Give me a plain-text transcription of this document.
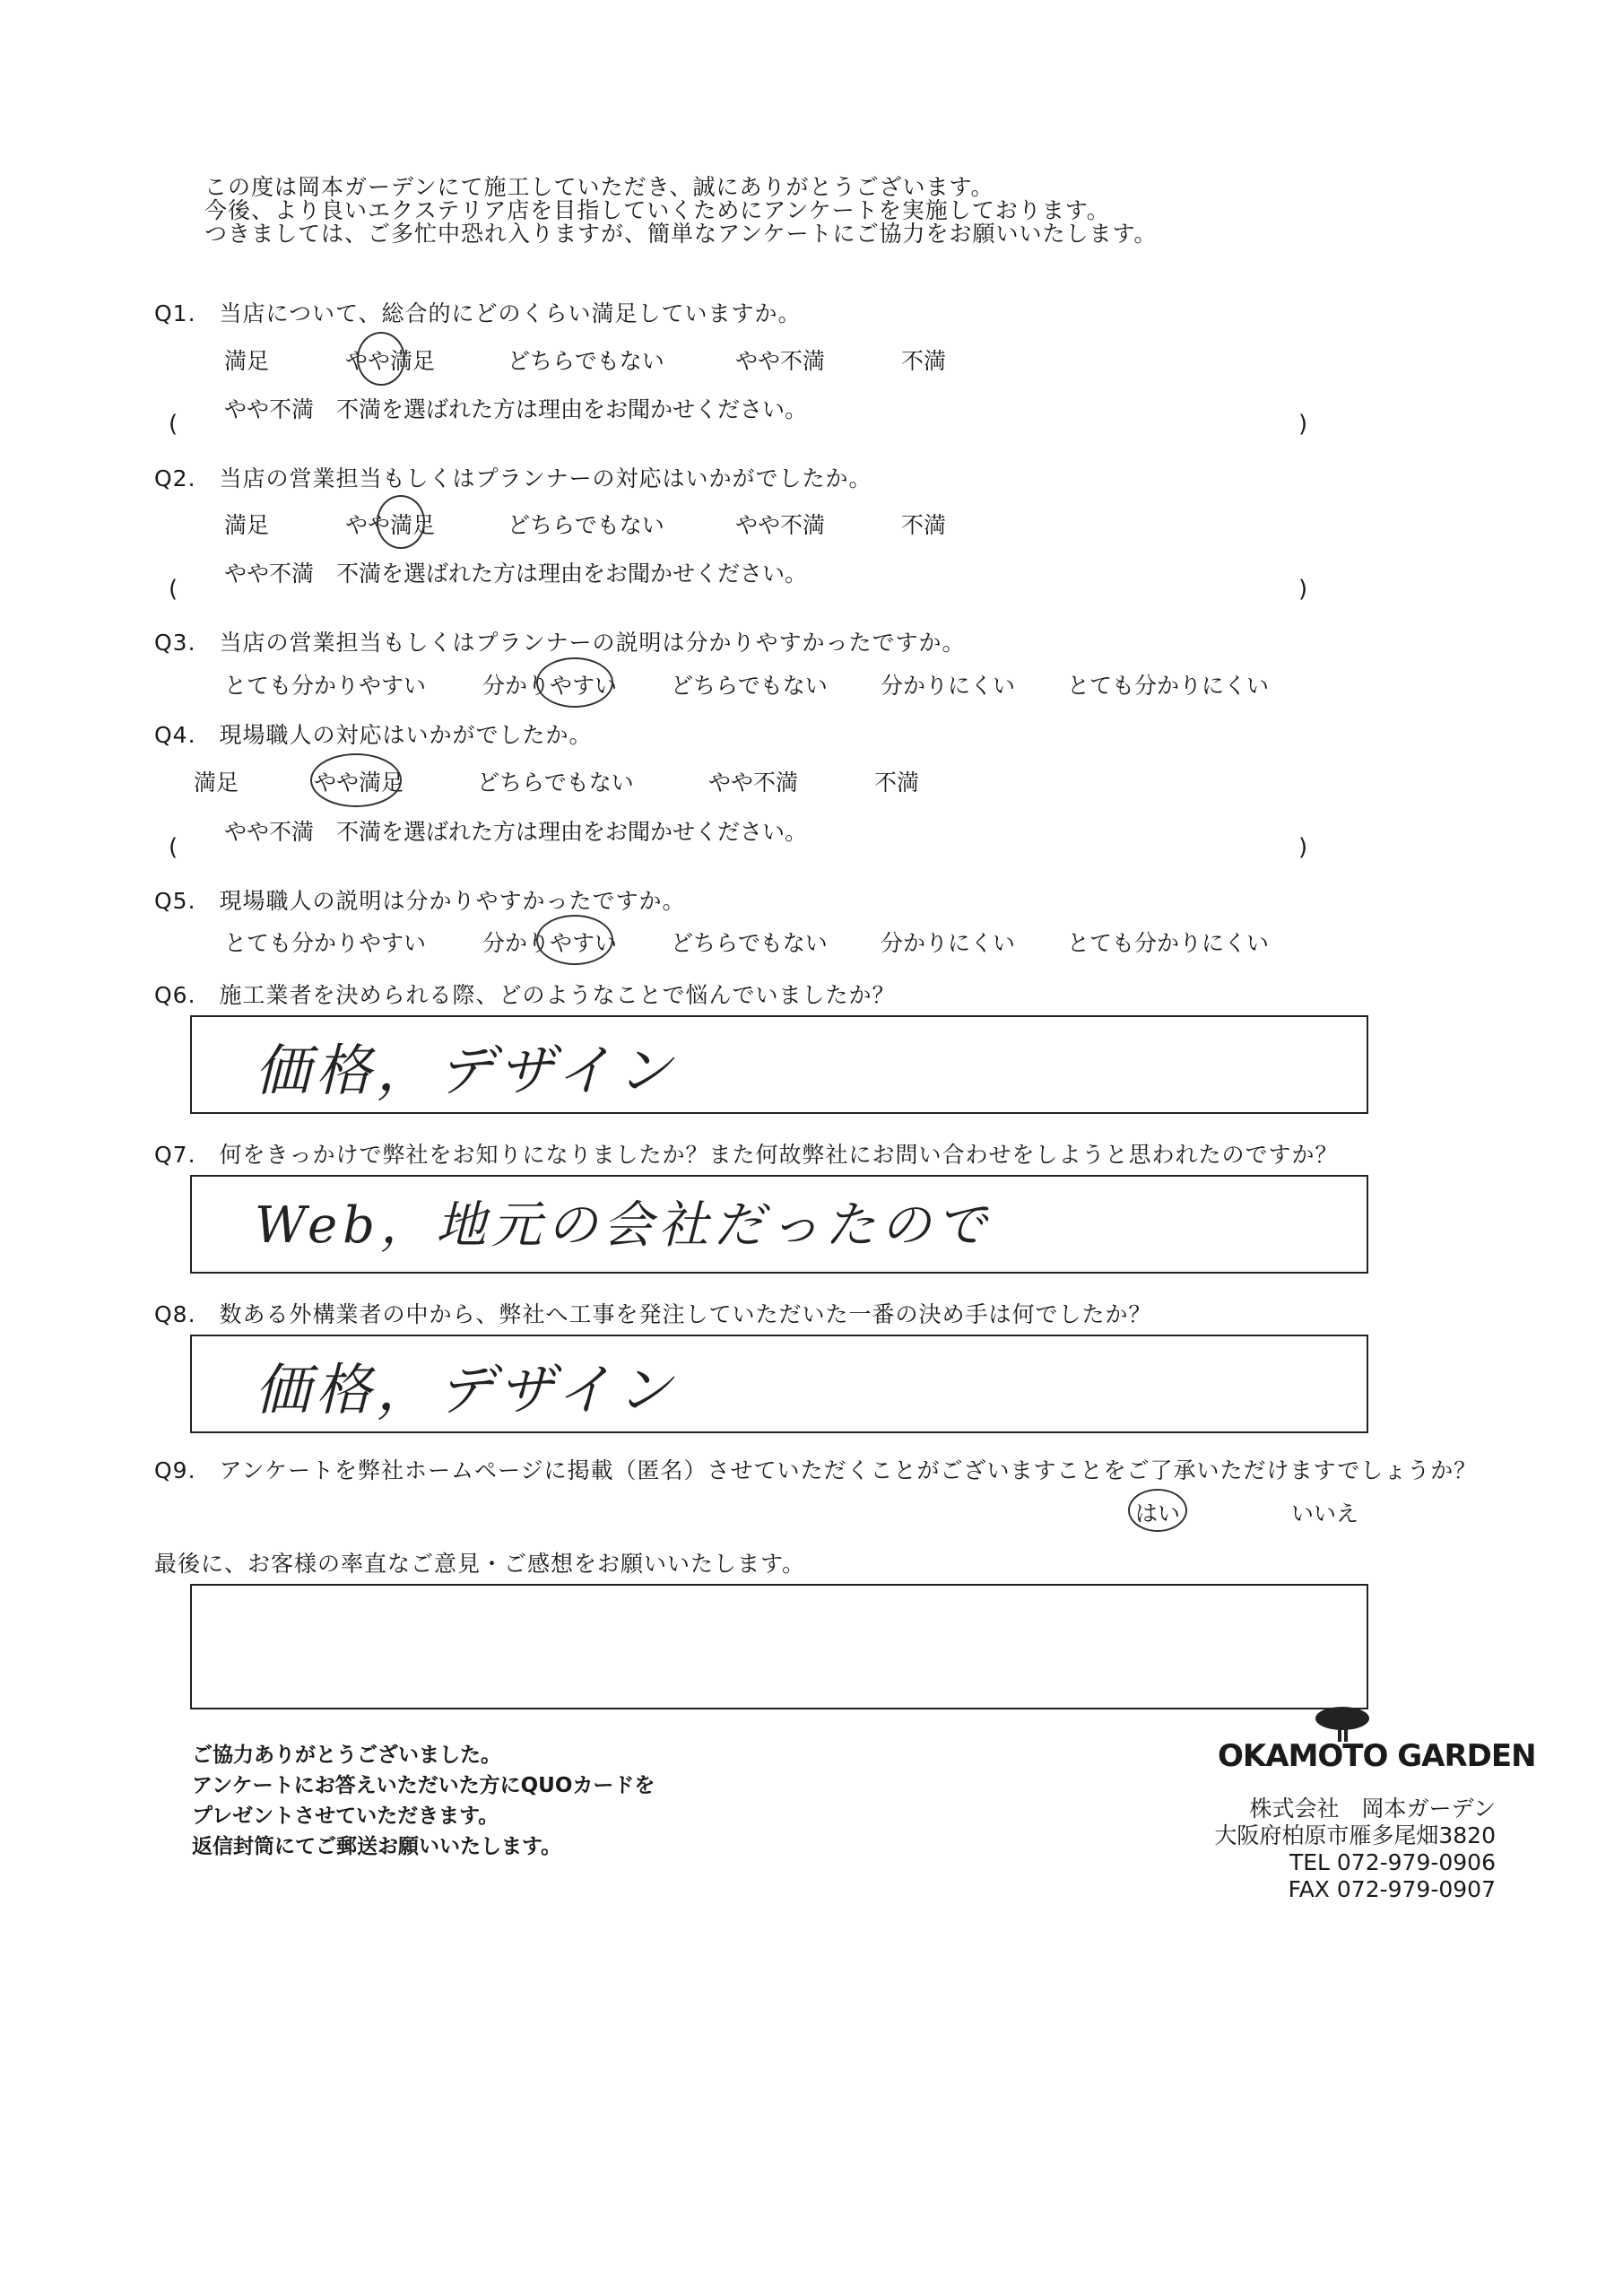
この度は岡本ガーデンにて施工していただき、誠にありがとうございます。
今後、より良いエクステリア店を目指していくためにアンケートを実施しております。
つきましては、ご多忙中恐れ入りますが、簡単なアンケートにご協力をお願いいたします。
Q1.　当店について、総合的にどのくらい満足していますか。
満足	やや満足	どちらでもない	やや不満	不満
やや不満　不満を選ばれた方は理由をお聞かせください。
(	)
Q2.　当店の営業担当もしくはプランナーの対応はいかがでしたか。
満足	やや満足	どちらでもない	やや不満	不満
やや不満　不満を選ばれた方は理由をお聞かせください。
(	)
Q3.　当店の営業担当もしくはプランナーの説明は分かりやすかったですか。
とても分かりやすい	分かりやすい どちらでもない 分かりにくい とても分かりにくい
Q4.　現場職人の対応はいかがでしたか。
満足	やや満足	どちらでもない	やや不満	不満
やや不満　不満を選ばれた方は理由をお聞かせください。
(	)
Q5.　現場職人の説明は分かりやすかったですか。
とても分かりやすい	分かりやすい どちらでもない 分かりにくい とても分かりにくい
Q6.　施工業者を決められる際、どのようなことで悩んでいましたか？
価格，デザイン
Q7.　何をきっかけで弊社をお知りになりましたか？また何故弊社にお問い合わせをしようと思われたのですか？
Web，地元の会社だったので
Q8.　数ある外構業者の中から、弊社へ工事を発注していただいた一番の決め手は何でしたか？
価格，デザイン
Q9.　アンケートを弊社ホームページに掲載（匿名）させていただくことがございますことをご了承いただけますでしょうか？
はい	いいえ
最後に、お客様の率直なご意見・ご感想をお願いいたします。
ご協力ありがとうございました。
アンケートにお答えいただいた方にQUOカードを
プレゼントさせていただきます。
返信封筒にてご郵送お願いいたします。
OKAMOTO GARDEN
株式会社　岡本ガーデン
大阪府柏原市雁多尾畑3820
TEL 072-979-0906
FAX 072-979-0907
